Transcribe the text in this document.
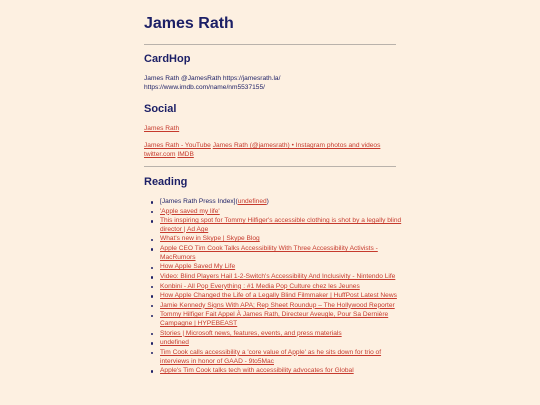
James Rath
CardHop
James Rath @JamesRath https://jamesrath.la/
https://www.imdb.com/name/nm5537155/
Social
James Rath
James Rath - YouTube James Rath (@jamesrath) • Instagram photos and videos
twitter.com IMDB
Reading
[James Rath Press Index](undefined)
'Apple saved my life'
This inspiring spot for Tommy Hilfiger's accessible clothing is shot by a legally blind director | Ad Age
What's new in Skype | Skype Blog
Apple CEO Tim Cook Talks Accessibility With Three Accessibility Activists - MacRumors
How Apple Saved My Life
Video: Blind Players Hail 1-2-Switch's Accessibility And Inclusivity - Nintendo Life
Konbini - All Pop Everything : #1 Media Pop Culture chez les Jeunes
How Apple Changed the Life of a Legally Blind Filmmaker | HuffPost Latest News
Jamie Kennedy Signs With APA; Rep Sheet Roundup – The Hollywood Reporter
Tommy Hilfiger Fait Appel À James Rath, Directeur Aveugle, Pour Sa Dernière Campagne | HYPEBEAST
Stories | Microsoft news, features, events, and press materials
undefined
Tim Cook calls accessibility a 'core value of Apple' as he sits down for trio of interviews in honor of GAAD - 9to5Mac
Apple's Tim Cook talks tech with accessibility advocates for Global
